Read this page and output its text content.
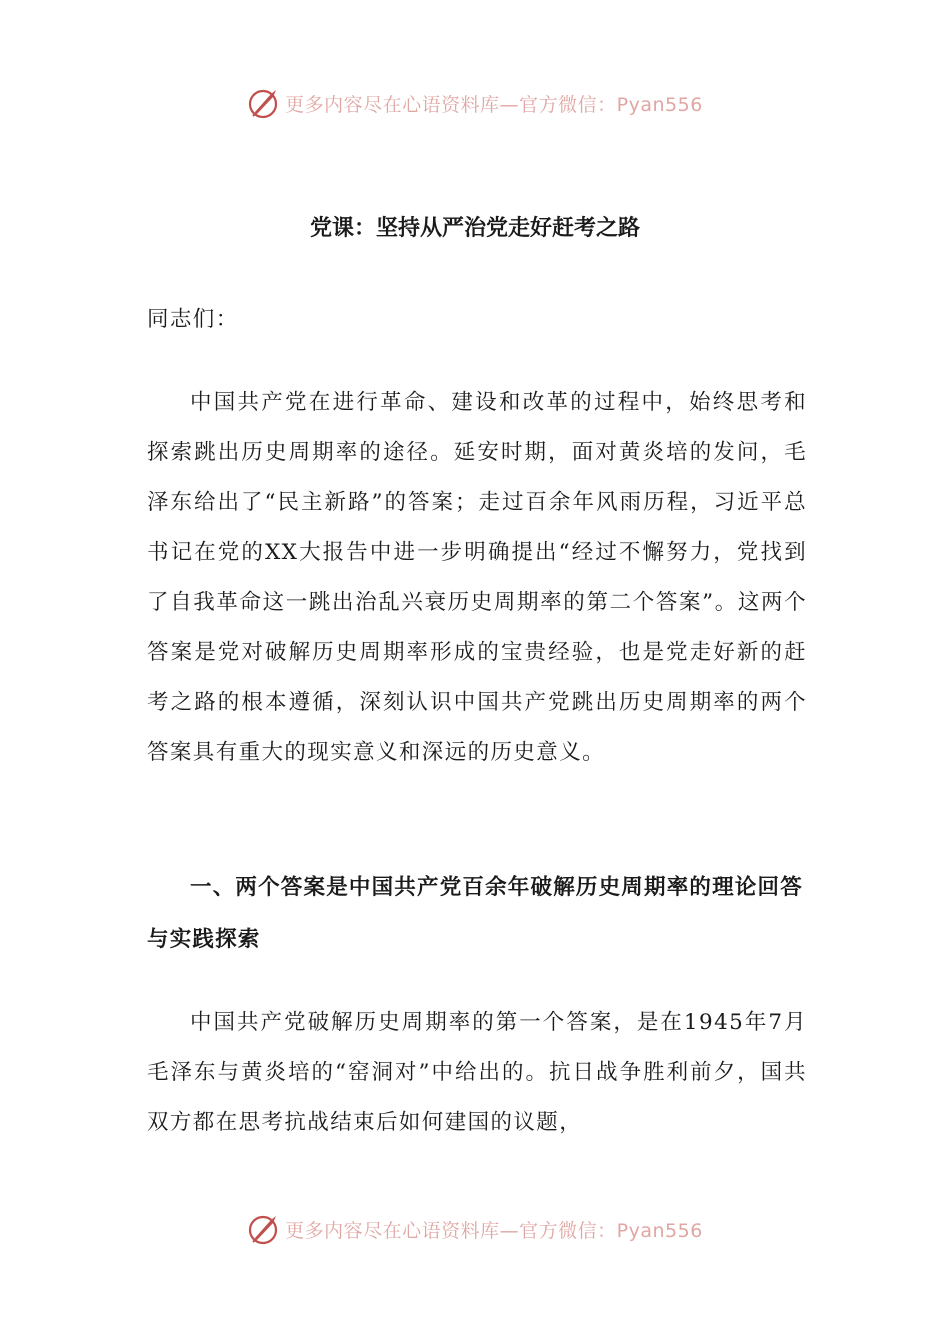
更多内容尽在心语资料库—官方微信：Pyan556
党课：坚持从严治党走好赶考之路

同志们：

中国共产党在进行革命、建设和改革的过程中，始终思考和探索跳出历史周期率的途径。延安时期，面对黄炎培的发问，毛泽东给出了“民主新路”的答案；走过百余年风雨历程，习近平总书记在党的XX大报告中进一步明确提出“经过不懈努力，党找到了自我革命这一跳出治乱兴衰历史周期率的第二个答案”。这两个答案是党对破解历史周期率形成的宝贵经验，也是党走好新的赶考之路的根本遵循，深刻认识中国共产党跳出历史周期率的两个答案具有重大的现实意义和深远的历史意义。

一、两个答案是中国共产党百余年破解历史周期率的理论回答与实践探索

中国共产党破解历史周期率的第一个答案，是在1945年7月毛泽东与黄炎培的“窑洞对”中给出的。抗日战争胜利前夕，国共双方都在思考抗战结束后如何建国的议题，

更多内容尽在心语资料库—官方微信：Pyan556
